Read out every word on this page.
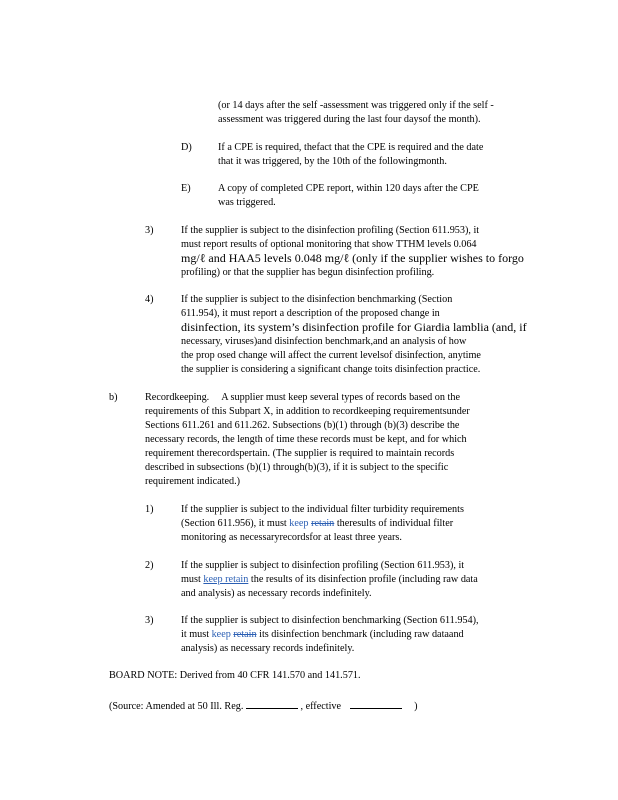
(or 14 days after the self -assessment was triggered only if the self -
assessment was triggered during the last four daysof the month).
D)	If a CPE is required, thefact that the CPE is required and the date
that it was triggered, by the 10th of the followingmonth.
E)	A copy of completed CPE report, within 120 days after the CPE
was triggered.
3)	If the supplier is subject to the disinfection profiling (Section 611.953), it
must report results of optional monitoring that show TTHM levels 0.064
mg/ℓ and HAA5 levels 0.048 mg/ℓ (only if the supplier wishes to forgo
profiling) or that the supplier has begun disinfection profiling.
4)	If the supplier is subject to the disinfection benchmarking (Section
611.954), it must report a description of the proposed change in
disinfection, its system’s disinfection profile for Giardia lamblia (and, if
necessary, viruses)and disinfection benchmark,and an analysis of how
the prop osed change will affect the current levelsof disinfection, anytime
the supplier is considering a significant change toits disinfection practice.
b)	Recordkeeping. A supplier must keep several types of records based on the
requirements of this Subpart X, in addition to recordkeeping requirementsunder
Sections 611.261 and 611.262. Subsections (b)(1) through (b)(3) describe the
necessary records, the length of time these records must be kept, and for which
requirement therecordspertain. (The supplier is required to maintain records
described in subsections (b)(1) through(b)(3), if it is subject to the specific
requirement indicated.)
1)	If the supplier is subject to the individual filter turbidity requirements
(Section 611.956), it must keep retain theresults of individual filter
monitoring as necessaryrecordsfor at least three years.
2)	If the supplier is subject to disinfection profiling (Section 611.953), it
must keep retain the results of its disinfection profile (including raw data
and analysis) as necessary records indefinitely.
3)	If the supplier is subject to disinfection benchmarking (Section 611.954),
it must keep retain its disinfection benchmark (including raw dataand
analysis) as necessary records indefinitely.
BOARD NOTE: Derived from 40 CFR 141.570 and 141.571.
(Source: Amended at 50 Ill. Reg.	, effective	)
